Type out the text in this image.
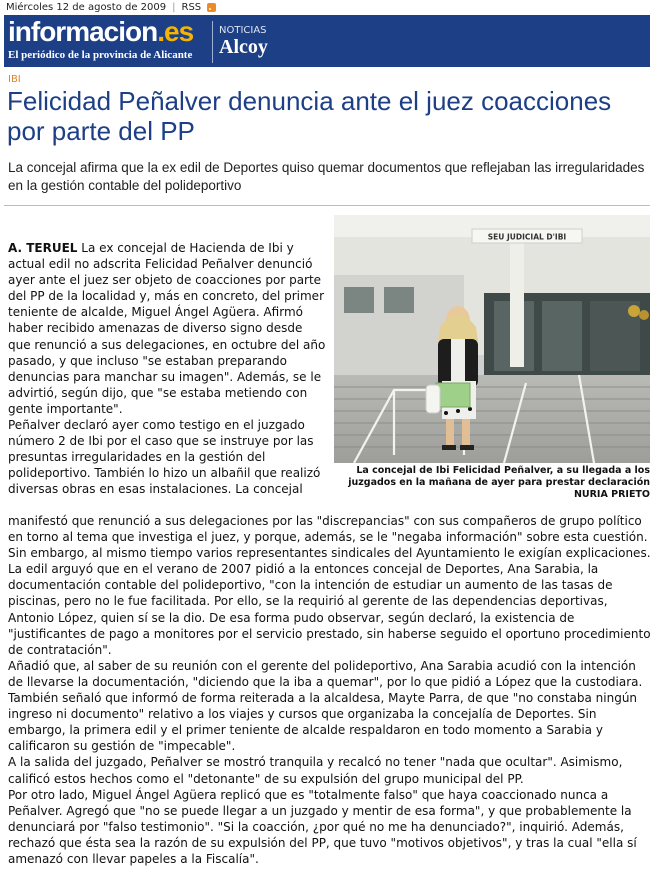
Miércoles 12 de agosto de 2009 | RSS
informacion.es
El periódico de la provincia de Alicante
NOTICIAS
Alcoy
IBI
Felicidad Peñalver denuncia ante el juez coacciones por parte del PP

La concejal afirma que la ex edil de Deportes quiso quemar documentos que reflejaban las irregularidades en la gestión contable del polideportivo

SEU JUDICIAL D'IBI

La concejal de Ibi Felicidad Peñalver, a su llegada a los juzgados en la mañana de ayer para prestar declaración NURIA PRIETO

A. TERUEL La ex concejal de Hacienda de Ibi y actual edil no adscrita Felicidad Peñalver denunció ayer ante el juez ser objeto de coacciones por parte del PP de la localidad y, más en concreto, del primer teniente de alcalde, Miguel Ángel Agüera. Afirmó haber recibido amenazas de diverso signo desde que renunció a sus delegaciones, en octubre del año pasado, y que incluso "se estaban preparando denuncias para manchar su imagen". Además, se le advirtió, según dijo, que "se estaba metiendo con gente importante".

Peñalver declaró ayer como testigo en el juzgado número 2 de Ibi por el caso que se instruye por las presuntas irregularidades en la gestión del polideportivo. También lo hizo un albañil que realizó diversas obras en esas instalaciones. La concejal

manifestó que renunció a sus delegaciones por las "discrepancias" con sus compañeros de grupo político en torno al tema que investiga el juez, y porque, además, se le "negaba información" sobre esta cuestión. Sin embargo, al mismo tiempo varios representantes sindicales del Ayuntamiento le exigían explicaciones.

La edil arguyó que en el verano de 2007 pidió a la entonces concejal de Deportes, Ana Sarabia, la documentación contable del polideportivo, "con la intención de estudiar un aumento de las tasas de piscinas, pero no le fue facilitada. Por ello, se la requirió al gerente de las dependencias deportivas, Antonio López, quien sí se la dio. De esa forma pudo observar, según declaró, la existencia de "justificantes de pago a monitores por el servicio prestado, sin haberse seguido el oportuno procedimiento de contratación".

Añadió que, al saber de su reunión con el gerente del polideportivo, Ana Sarabia acudió con la intención de llevarse la documentación, "diciendo que la iba a quemar", por lo que pidió a López que la custodiara. También señaló que informó de forma reiterada a la alcaldesa, Mayte Parra, de que "no constaba ningún ingreso ni documento" relativo a los viajes y cursos que organizaba la concejalía de Deportes. Sin embargo, la primera edil y el primer teniente de alcalde respaldaron en todo momento a Sarabia y calificaron su gestión de "impecable".

A la salida del juzgado, Peñalver se mostró tranquila y recalcó no tener "nada que ocultar". Asimismo, calificó estos hechos como el "detonante" de su expulsión del grupo municipal del PP.

Por otro lado, Miguel Ángel Agüera replicó que es "totalmente falso" que haya coaccionado nunca a Peñalver. Agregó que "no se puede llegar a un juzgado y mentir de esa forma", y que probablemente la denunciará por "falso testimonio". "Si la coacción, ¿por qué no me ha denunciado?", inquirió. Además, rechazó que ésta sea la razón de su expulsión del PP, que tuvo "motivos objetivos", y tras la cual "ella sí amenazó con llevar papeles a la Fiscalía".
